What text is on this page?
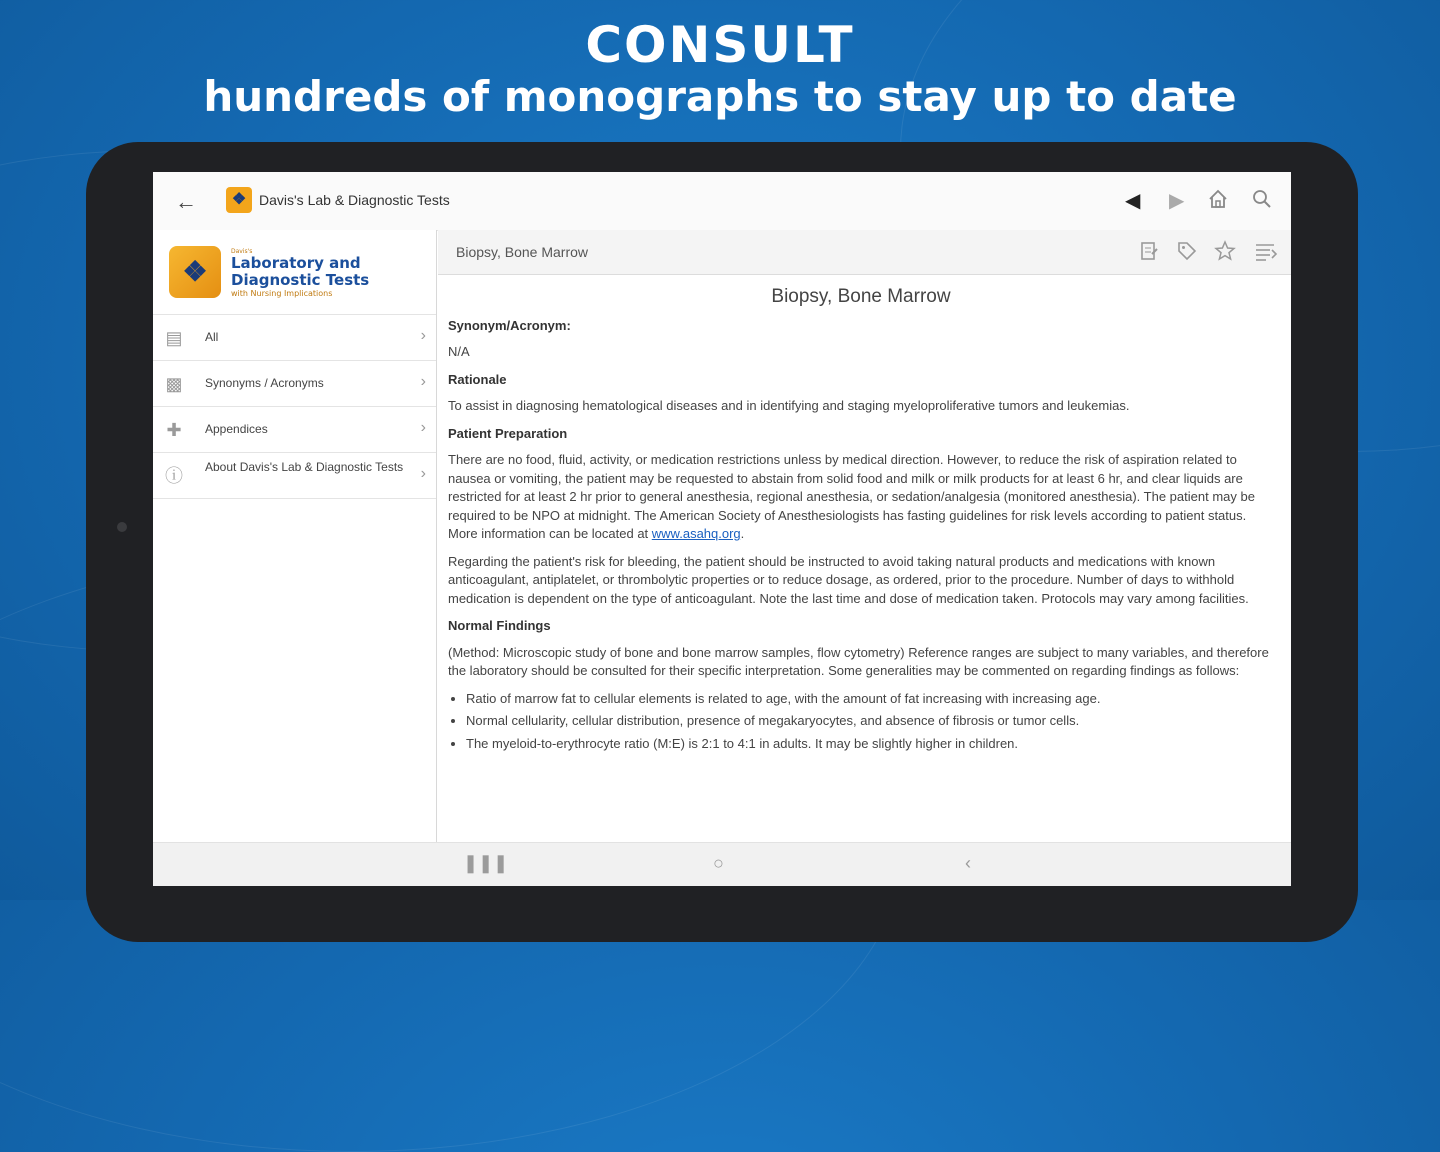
CONSULT
hundreds of monographs to stay up to date
←	❖ Davis's Lab & Diagnostic Tests	◀ ▶
❖
Davis's
Laboratory and
Diagnostic Tests
with Nursing Implications
▤ All	›
▩ Synonyms / Acronyms	›
✚ Appendices	›
ⓘ About Davis's Lab & Diagnostic Tests ›
Biopsy, Bone Marrow
Biopsy, Bone Marrow
Synonym/Acronym:

N/A

Rationale

To assist in diagnosing hematological diseases and in identifying and staging myeloproliferative tumors and leukemias.

Patient Preparation

There are no food, fluid, activity, or medication restrictions unless by medical direction. However, to reduce the risk of aspiration related to nausea or vomiting, the patient may be requested to abstain from solid food and milk or milk products for at least 6 hr, and clear liquids are restricted for at least 2 hr prior to general anesthesia, regional anesthesia, or sedation/analgesia (monitored anesthesia). The patient may be required to be NPO at midnight. The American Society of Anesthesiologists has fasting guidelines for risk levels according to patient status. More information can be located at www.asahq.org.

Regarding the patient's risk for bleeding, the patient should be instructed to avoid taking natural products and medications with known anticoagulant, antiplatelet, or thrombolytic properties or to reduce dosage, as ordered, prior to the procedure. Number of days to withhold medication is dependent on the type of anticoagulant. Note the last time and dose of medication taken. Protocols may vary among facilities.

Normal Findings

(Method: Microscopic study of bone and bone marrow samples, flow cytometry) Reference ranges are subject to many variables, and therefore the laboratory should be consulted for their specific interpretation. Some generalities may be commented on regarding findings as follows:

• Ratio of marrow fat to cellular elements is related to age, with the amount of fat increasing with increasing age.
• Normal cellularity, cellular distribution, presence of megakaryocytes, and absence of fibrosis or tumor cells.
• The myeloid-to-erythrocyte ratio (M:E) is 2:1 to 4:1 in adults. It may be slightly higher in children.
❚❚❚	○	‹
